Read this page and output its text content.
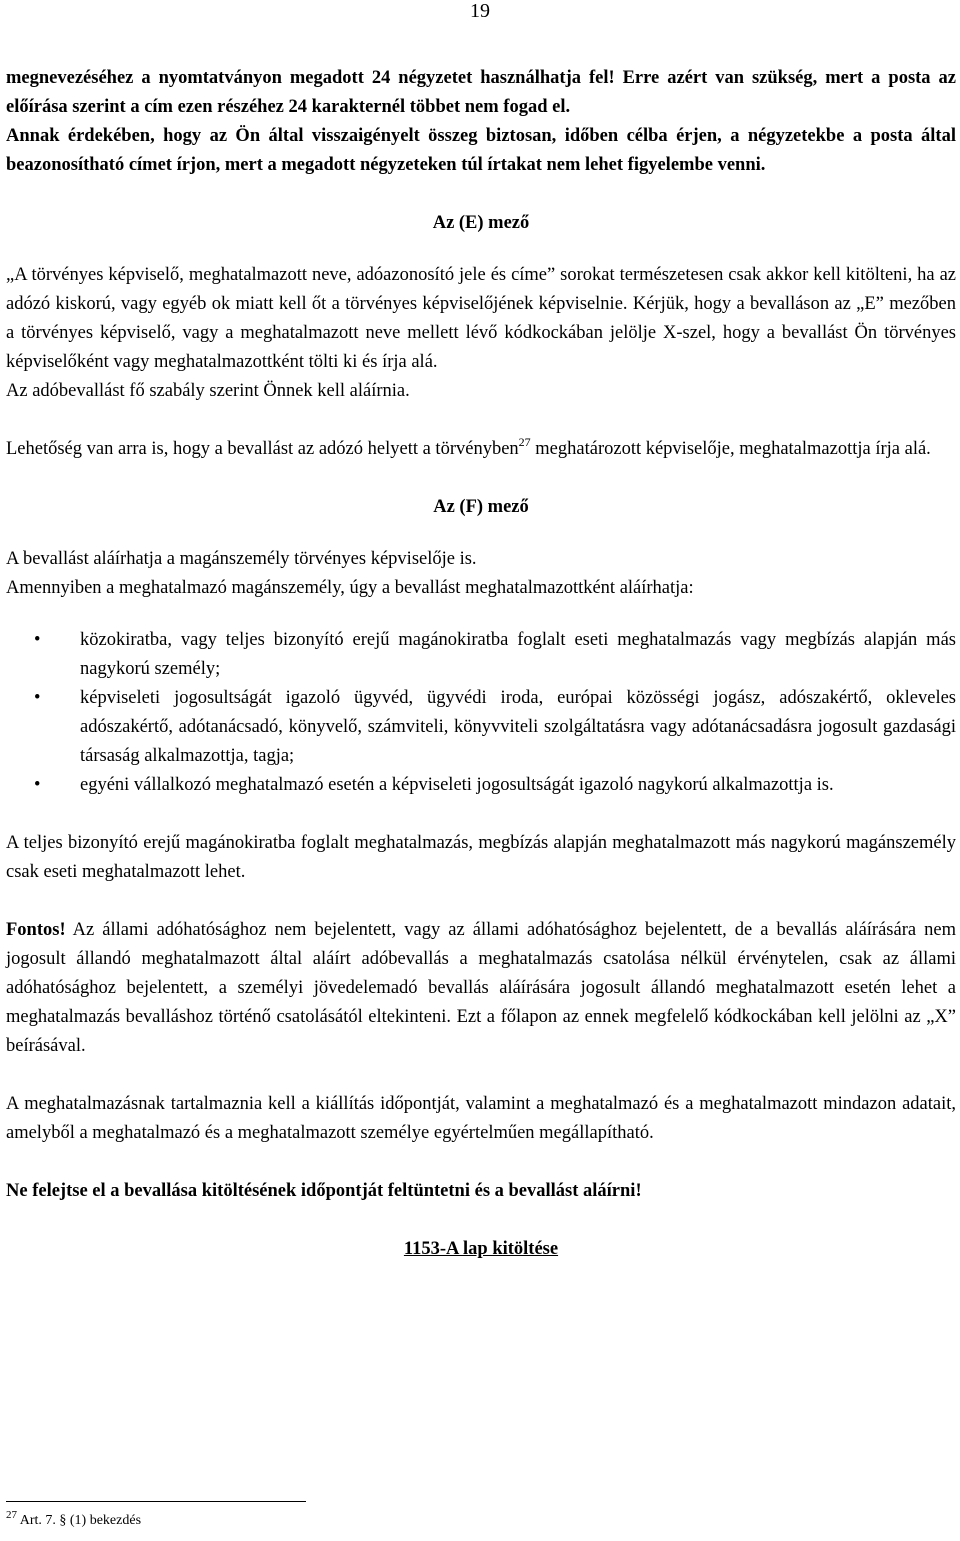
19

megnevezéséhez a nyomtatványon megadott 24 négyzetet használhatja fel! Erre azért van szükség, mert a posta az előírása szerint a cím ezen részéhez 24 karakternél többet nem fogad el.

Annak érdekében, hogy az Ön által visszaigényelt összeg biztosan, időben célba érjen, a négyzetekbe a posta által beazonosítható címet írjon, mert a megadott négyzeteken túl írtakat nem lehet figyelembe venni.

Az (E) mező

„A törvényes képviselő, meghatalmazott neve, adóazonosító jele és címe” sorokat természetesen csak akkor kell kitölteni, ha az adózó kiskorú, vagy egyéb ok miatt kell őt a törvényes képviselőjének képviselnie. Kérjük, hogy a bevalláson az „E” mezőben a törvényes képviselő, vagy a meghatalmazott neve mellett lévő kódkockában jelölje X-szel, hogy a bevallást Ön törvényes képviselőként vagy meghatalmazottként tölti ki és írja alá.

Az adóbevallást fő szabály szerint Önnek kell aláírnia.

Lehetőség van arra is, hogy a bevallást az adózó helyett a törvényben$^{27}$ meghatározott képviselője, meghatalmazottja írja alá.

Az (F) mező

A bevallást aláírhatja a magánszemély törvényes képviselője is.

Amennyiben a meghatalmazó magánszemély, úgy a bevallást meghatalmazottként aláírhatja:

• közokiratba, vagy teljes bizonyító erejű magánokiratba foglalt eseti meghatalmazás vagy megbízás alapján más nagykorú személy;
• képviseleti jogosultságát igazoló ügyvéd, ügyvédi iroda, európai közösségi jogász, adószakértő, okleveles adószakértő, adótanácsadó, könyvelő, számviteli, könyvviteli szolgáltatásra vagy adótanácsadásra jogosult gazdasági társaság alkalmazottja, tagja;
• egyéni vállalkozó meghatalmazó esetén a képviseleti jogosultságát igazoló nagykorú alkalmazottja is.

A teljes bizonyító erejű magánokiratba foglalt meghatalmazás, megbízás alapján meghatalmazott más nagykorú magánszemély csak eseti meghatalmazott lehet.

Fontos! Az állami adóhatósághoz nem bejelentett, vagy az állami adóhatósághoz bejelentett, de a bevallás aláírására nem jogosult állandó meghatalmazott által aláírt adóbevallás a meghatalmazás csatolása nélkül érvénytelen, csak az állami adóhatósághoz bejelentett, a személyi jövedelemadó bevallás aláírására jogosult állandó meghatalmazott esetén lehet a meghatalmazás bevalláshoz történő csatolásától eltekinteni. Ezt a főlapon az ennek megfelelő kódkockában kell jelölni az „X” beírásával.

A meghatalmazásnak tartalmaznia kell a kiállítás időpontját, valamint a meghatalmazó és a meghatalmazott mindazon adatait, amelyből a meghatalmazó és a meghatalmazott személye egyértelműen megállapítható.

Ne felejtse el a bevallása kitöltésének időpontját feltüntetni és a bevallást aláírni!

1153-A lap kitöltése
$^{27}$ Art. 7. § (1) bekezdés
